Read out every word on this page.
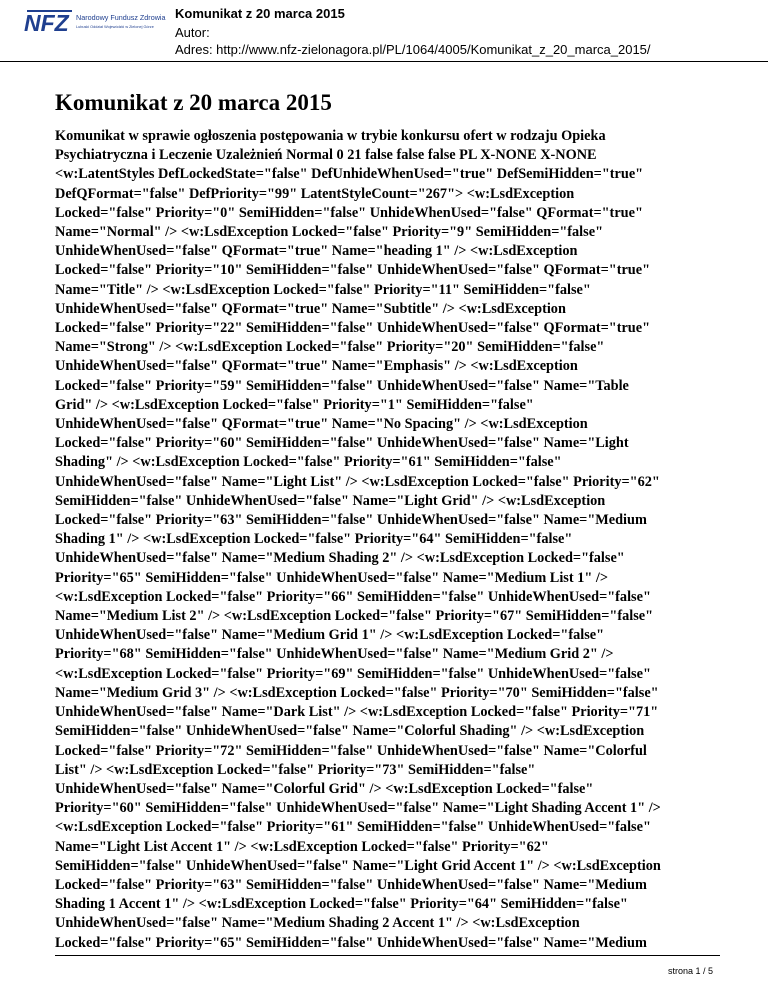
NFZ Narodowy Fundusz Zdrowia
Lubuski Oddział Wojewódzki w Zielonej Górze
Komunikat z 20 marca 2015
Autor:
Adres: http://www.nfz-zielonagora.pl/PL/1064/4005/Komunikat_z_20_marca_2015/
Komunikat z 20 marca 2015
Komunikat w sprawie ogłoszenia postępowania w trybie konkursu ofert w rodzaju Opieka
Psychiatryczna i Leczenie Uzależnień Normal 0 21 false false false PL X-NONE X-NONE
<w:LatentStyles DefLockedState="false" DefUnhideWhenUsed="true" DefSemiHidden="true"
DefQFormat="false" DefPriority="99" LatentStyleCount="267"> <w:LsdException
Locked="false" Priority="0" SemiHidden="false" UnhideWhenUsed="false" QFormat="true"
Name="Normal" /> <w:LsdException Locked="false" Priority="9" SemiHidden="false"
UnhideWhenUsed="false" QFormat="true" Name="heading 1" /> <w:LsdException
Locked="false" Priority="10" SemiHidden="false" UnhideWhenUsed="false" QFormat="true"
Name="Title" /> <w:LsdException Locked="false" Priority="11" SemiHidden="false"
UnhideWhenUsed="false" QFormat="true" Name="Subtitle" /> <w:LsdException
Locked="false" Priority="22" SemiHidden="false" UnhideWhenUsed="false" QFormat="true"
Name="Strong" /> <w:LsdException Locked="false" Priority="20" SemiHidden="false"
UnhideWhenUsed="false" QFormat="true" Name="Emphasis" /> <w:LsdException
Locked="false" Priority="59" SemiHidden="false" UnhideWhenUsed="false" Name="Table
Grid" /> <w:LsdException Locked="false" Priority="1" SemiHidden="false"
UnhideWhenUsed="false" QFormat="true" Name="No Spacing" /> <w:LsdException
Locked="false" Priority="60" SemiHidden="false" UnhideWhenUsed="false" Name="Light
Shading" /> <w:LsdException Locked="false" Priority="61" SemiHidden="false"
UnhideWhenUsed="false" Name="Light List" /> <w:LsdException Locked="false" Priority="62"
SemiHidden="false" UnhideWhenUsed="false" Name="Light Grid" /> <w:LsdException
Locked="false" Priority="63" SemiHidden="false" UnhideWhenUsed="false" Name="Medium
Shading 1" /> <w:LsdException Locked="false" Priority="64" SemiHidden="false"
UnhideWhenUsed="false" Name="Medium Shading 2" /> <w:LsdException Locked="false"
Priority="65" SemiHidden="false" UnhideWhenUsed="false" Name="Medium List 1" />
<w:LsdException Locked="false" Priority="66" SemiHidden="false" UnhideWhenUsed="false"
Name="Medium List 2" /> <w:LsdException Locked="false" Priority="67" SemiHidden="false"
UnhideWhenUsed="false" Name="Medium Grid 1" /> <w:LsdException Locked="false"
Priority="68" SemiHidden="false" UnhideWhenUsed="false" Name="Medium Grid 2" />
<w:LsdException Locked="false" Priority="69" SemiHidden="false" UnhideWhenUsed="false"
Name="Medium Grid 3" /> <w:LsdException Locked="false" Priority="70" SemiHidden="false"
UnhideWhenUsed="false" Name="Dark List" /> <w:LsdException Locked="false" Priority="71"
SemiHidden="false" UnhideWhenUsed="false" Name="Colorful Shading" /> <w:LsdException
Locked="false" Priority="72" SemiHidden="false" UnhideWhenUsed="false" Name="Colorful
List" /> <w:LsdException Locked="false" Priority="73" SemiHidden="false"
UnhideWhenUsed="false" Name="Colorful Grid" /> <w:LsdException Locked="false"
Priority="60" SemiHidden="false" UnhideWhenUsed="false" Name="Light Shading Accent 1" />
<w:LsdException Locked="false" Priority="61" SemiHidden="false" UnhideWhenUsed="false"
Name="Light List Accent 1" /> <w:LsdException Locked="false" Priority="62"
SemiHidden="false" UnhideWhenUsed="false" Name="Light Grid Accent 1" /> <w:LsdException
Locked="false" Priority="63" SemiHidden="false" UnhideWhenUsed="false" Name="Medium
Shading 1 Accent 1" /> <w:LsdException Locked="false" Priority="64" SemiHidden="false"
UnhideWhenUsed="false" Name="Medium Shading 2 Accent 1" /> <w:LsdException
Locked="false" Priority="65" SemiHidden="false" UnhideWhenUsed="false" Name="Medium
strona 1 / 5
